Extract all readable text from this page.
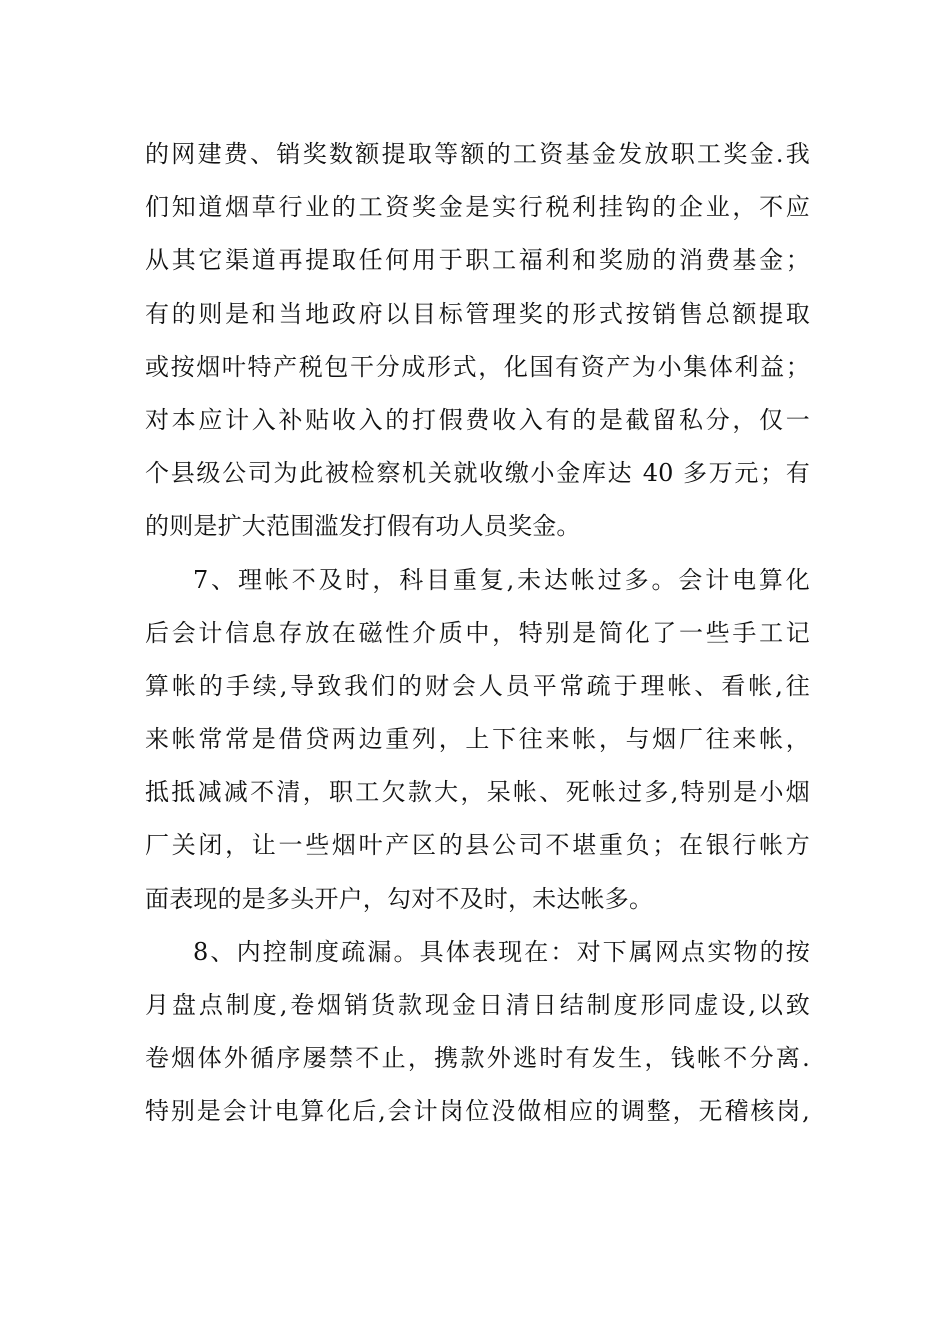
的网建费、销奖数额提取等额的工资基金发放职工奖金.我
们知道烟草行业的工资奖金是实行税利挂钩的企业，不应
从其它渠道再提取任何用于职工福利和奖励的消费基金；
有的则是和当地政府以目标管理奖的形式按销售总额提取
或按烟叶特产税包干分成形式，化国有资产为小集体利益；
对本应计入补贴收入的打假费收入有的是截留私分，仅一
个县级公司为此被检察机关就收缴小金库达 40 多万元；有
的则是扩大范围滥发打假有功人员奖金。
7、理帐不及时，科目重复,未达帐过多。会计电算化
后会计信息存放在磁性介质中，特别是简化了一些手工记
算帐的手续,导致我们的财会人员平常疏于理帐、看帐,往
来帐常常是借贷两边重列，上下往来帐，与烟厂往来帐，
抵抵减减不清，职工欠款大，呆帐、死帐过多,特别是小烟
厂关闭，让一些烟叶产区的县公司不堪重负；在银行帐方
面表现的是多头开户，勾对不及时，未达帐多。
8、内控制度疏漏。具体表现在：对下属网点实物的按
月盘点制度,卷烟销货款现金日清日结制度形同虚设,以致
卷烟体外循序屡禁不止，携款外逃时有发生，钱帐不分离.
特别是会计电算化后,会计岗位没做相应的调整，无稽核岗,
